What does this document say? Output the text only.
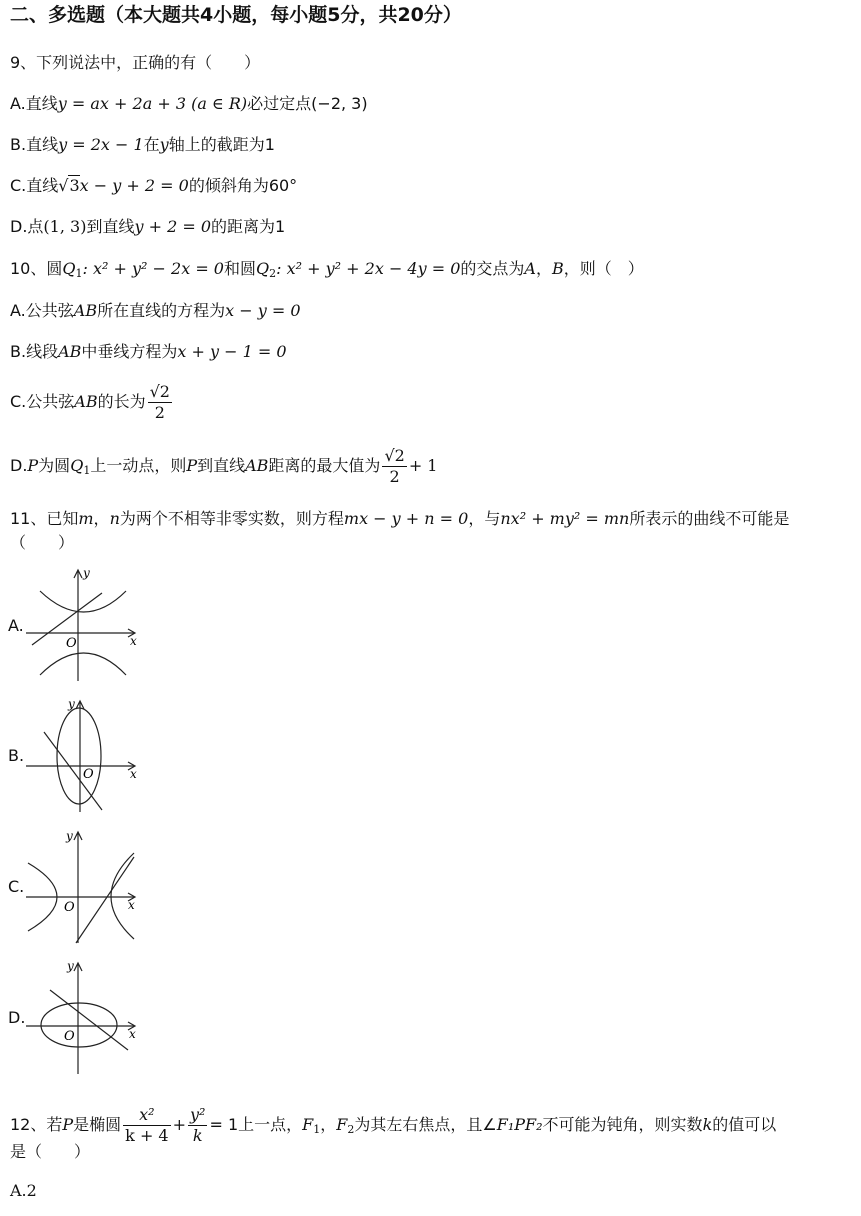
二、多选题（本大题共4小题，每小题5分，共20分）
9、下列说法中，正确的有（　　）
A.直线y = ax + 2a + 3 (a ∈ R)必过定点(−2, 3)
B.直线y = 2x − 1在y轴上的截距为1
C.直线√3x − y + 2 = 0的倾斜角为60°
D.点(1, 3)到直线y + 2 = 0的距离为1
10、圆$Q_1$: x² + y² − 2x = 0和圆$Q_2$: x² + y² + 2x − 4y = 0的交点为A，B，则（　）
A.公共弦AB所在直线的方程为x − y = 0
B.线段AB中垂线方程为x + y − 1 = 0
C.公共弦AB的长为 $\frac{√2}{2}$
D.P为圆$Q_1$上一动点，则P到直线AB距离的最大值为 $\frac{√2}{2} + 1$
11、已知m，n为两个不相等非零实数，则方程mx − y + n = 0，与nx² + my² = mn所表示的曲线不可能是
（　　）
A.
y
x
O
B.
y
x
O
C.
y
x
O
D.
y
x
O
12、若P是椭圆 $\frac{\text{x²}}{k + 4} + \frac{\text{y²}}{k} = 1$上一点，$F_1$，$F_2$为其左右焦点，且∠F₁PF₂不可能为钝角，则实数k的值可以
是（　　）
A.2
